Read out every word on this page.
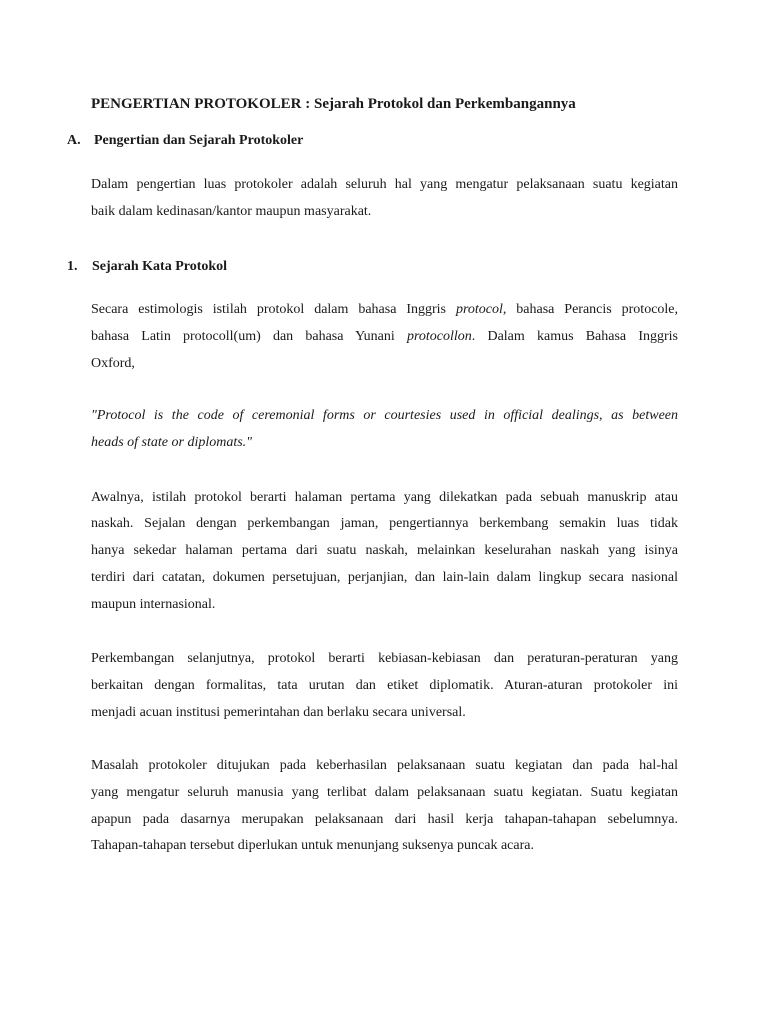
PENGERTIAN PROTOKOLER : Sejarah Protokol dan Perkembangannya
A. Pengertian dan Sejarah Protokoler
Dalam pengertian luas protokoler adalah seluruh hal yang mengatur pelaksanaan suatu kegiatan
baik dalam kedinasan/kantor maupun masyarakat.
1. Sejarah Kata Protokol
Secara estimologis istilah protokol dalam bahasa Inggris protocol, bahasa Perancis protocole,
bahasa Latin protocoll(um) dan bahasa Yunani protocollon. Dalam kamus Bahasa Inggris
Oxford,
"Protocol is the code of ceremonial forms or courtesies used in official dealings, as between
heads of state or diplomats."
Awalnya, istilah protokol berarti halaman pertama yang dilekatkan pada sebuah manuskrip atau
naskah. Sejalan dengan perkembangan jaman, pengertiannya berkembang semakin luas tidak
hanya sekedar halaman pertama dari suatu naskah, melainkan keselurahan naskah yang isinya
terdiri dari catatan, dokumen persetujuan, perjanjian, dan lain-lain dalam lingkup secara nasional
maupun internasional.
Perkembangan selanjutnya, protokol berarti kebiasan-kebiasan dan peraturan-peraturan yang
berkaitan dengan formalitas, tata urutan dan etiket diplomatik. Aturan-aturan protokoler ini
menjadi acuan institusi pemerintahan dan berlaku secara universal.
Masalah protokoler ditujukan pada keberhasilan pelaksanaan suatu kegiatan dan pada hal-hal
yang mengatur seluruh manusia yang terlibat dalam pelaksanaan suatu kegiatan. Suatu kegiatan
apapun pada dasarnya merupakan pelaksanaan dari hasil kerja tahapan-tahapan sebelumnya.
Tahapan-tahapan tersebut diperlukan untuk menunjang suksenya puncak acara.
